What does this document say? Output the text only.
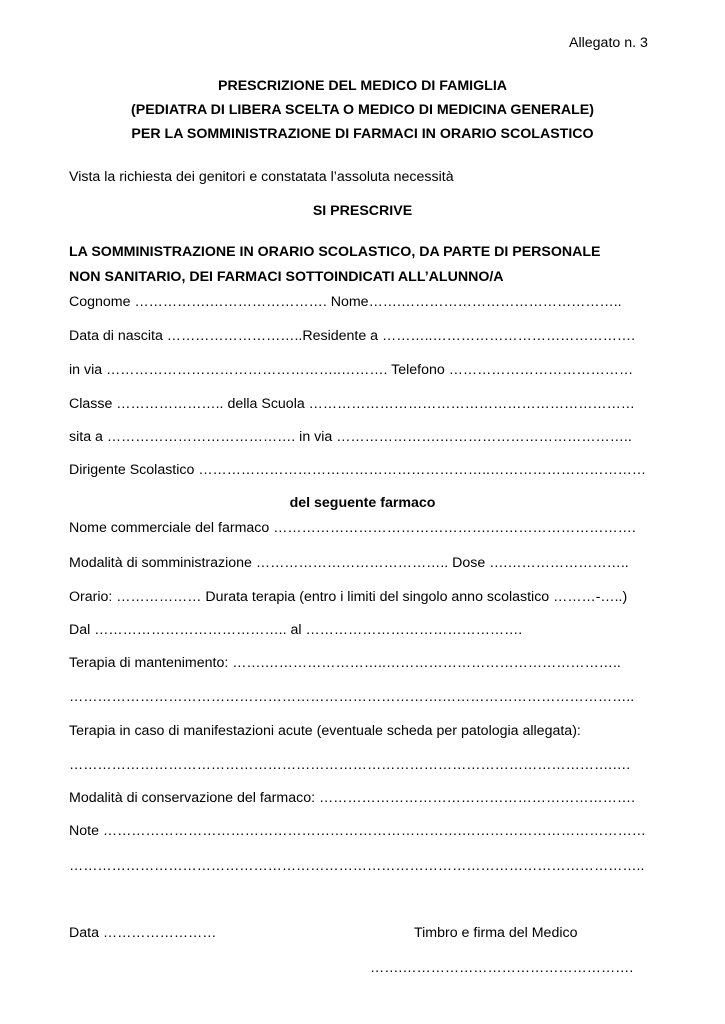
Allegato n. 3
PRESCRIZIONE DEL MEDICO DI FAMIGLIA
(PEDIATRA DI LIBERA SCELTA O MEDICO DI MEDICINA GENERALE)
PER LA SOMMINISTRAZIONE DI FARMACI IN ORARIO SCOLASTICO
Vista la richiesta dei genitori e constatata l’assoluta necessità
SI PRESCRIVE
LA SOMMINISTRAZIONE IN ORARIO SCOLASTICO, DA PARTE DI PERSONALE
NON SANITARIO, DEI FARMACI SOTTOINDICATI ALL’ALUNNO/A
Cognome …………….……………………. Nome…….………………………………………..
Data di nascita ………………………..Residente a ………..…………………………………….
in via …………………………………………..………. Telefono …………………………………
Classe ………………….. della Scuola ……………………………………………………………
sita a …………………………………. in via ………………….…………………………………..
Dirigente Scolastico ……………………………………………………..……………………………
del seguente farmaco
Nome commerciale del farmaco ……………………………………….………………………….
Modalità di somministrazione ………………………………….. Dose ….……………………..
Orario: ……………… Durata terapia (entro i limiti del singolo anno scolastico ………-…..)
Dal ………………………………….. al ……………………………………….
Terapia di mantenimento: …….……………………..…………………………………………..
…………………………………………………………………….…………………………………..
Terapia in caso di manifestazioni acute (eventuale scheda per patologia allegata):
…………………………………………………………………………………………………….….
Modalità di conservazione del farmaco: ………………………………………………………….
Note ………………………………………………………………….…………………………………
…………………………………………………………………………………………………………..
Data ……………………	Timbro e firma del Medico
…….………………………………………….
